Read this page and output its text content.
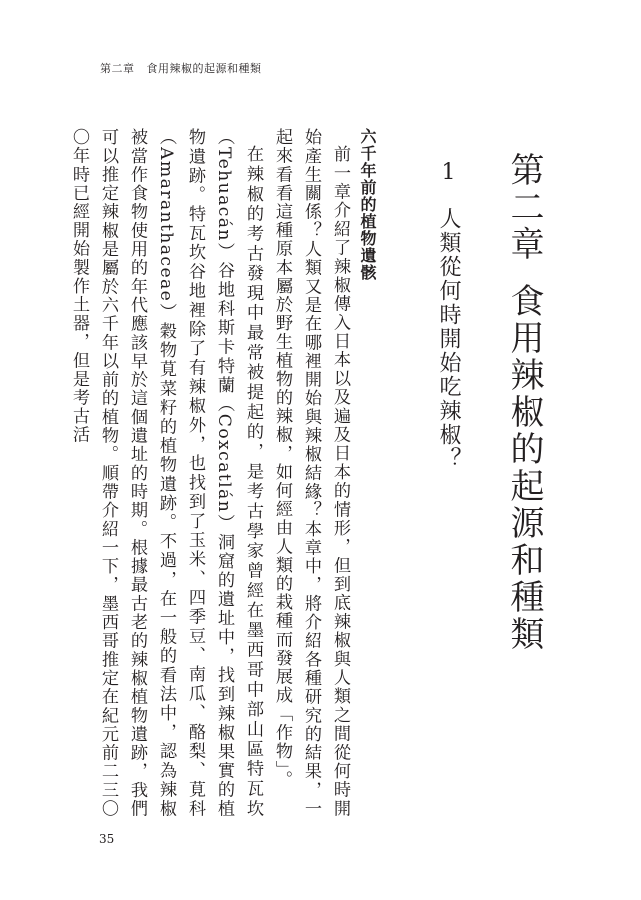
第二章 食用辣椒的起源和種類
第二章食用辣椒的起源和種類
1人類從何時開始吃辣椒？
六千年前的植物遺骸

前一章介紹了辣椒傳入日本以及遍及日本的情形，但到底辣椒與人類之間從何時開始產生關係？人類又是在哪裡開始與辣椒結緣？本章中，將介紹各種研究的結果，一起來看看這種原本屬於野生植物的辣椒，如何經由人類的栽種而發展成「作物」。

在辣椒的考古發現中最常被提起的，是考古學家曾經在墨西哥中部山區特瓦坎（Tehuacán）谷地科斯卡特蘭（Coxcatlán）洞窟的遺址中，找到辣椒果實的植物遺跡。特瓦坎谷地裡除了有辣椒外，也找到了玉米、四季豆、南瓜、酪梨、莧科（Amaranthaceae）穀物莧菜籽的植物遺跡。不過，在一般的看法中，認為辣椒被當作食物使用的年代應該早於這個遺址的時期。根據最古老的辣椒植物遺跡，我們可以推定辣椒是屬於六千年以前的植物。順帶介紹一下，墨西哥推定在紀元前二三〇〇年時已經開始製作土器，但是考古活

35
